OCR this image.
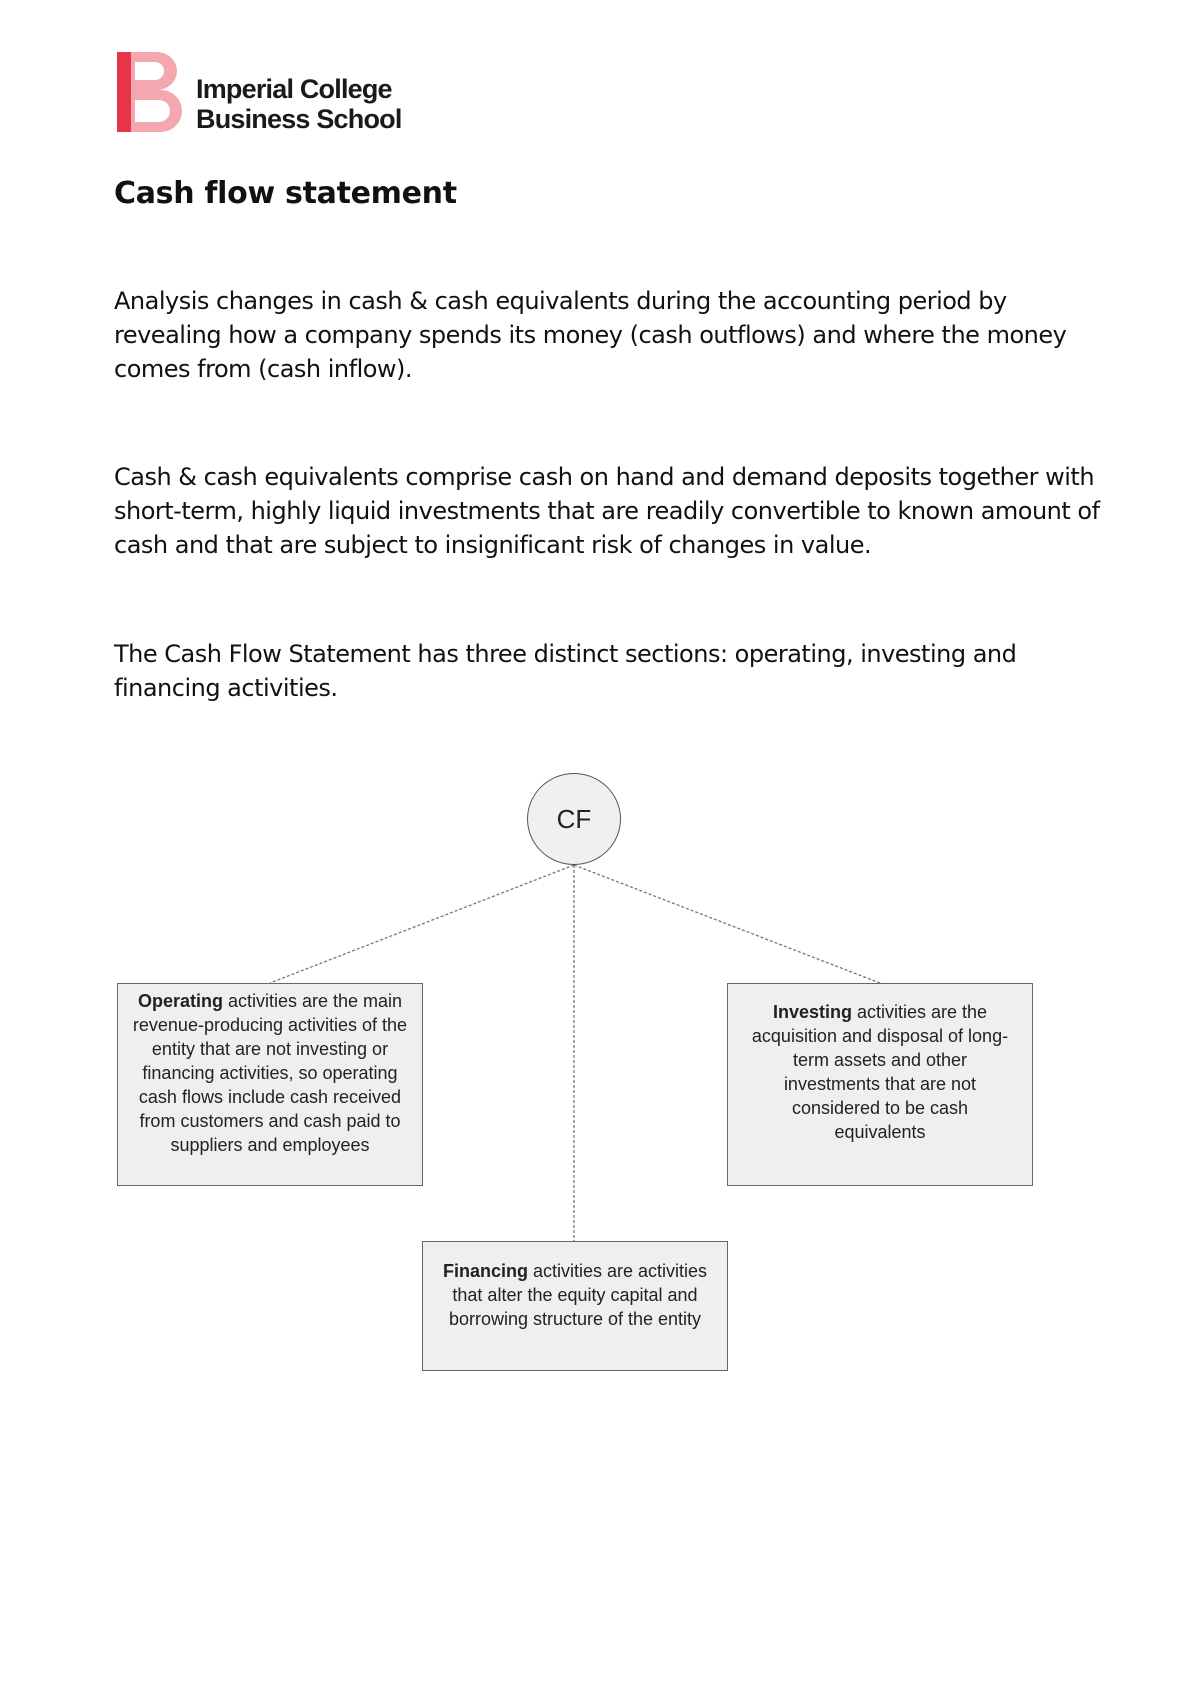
Imperial College
Business School
Cash flow statement

Analysis changes in cash & cash equivalents during the accounting period by revealing how a company spends its money (cash outflows) and where the money comes from (cash inflow).

Cash & cash equivalents comprise cash on hand and demand deposits together with short-term, highly liquid investments that are readily convertible to known amount of cash and that are subject to insignificant risk of changes in value.

The Cash Flow Statement has three distinct sections: operating, investing and financing activities.

CF
Operating activities are the main revenue-producing activities of the entity that are not investing or financing activities, so operating cash flows include cash received from customers and cash paid to suppliers and employees
Investing activities are the acquisition and disposal of long-term assets and other investments that are not considered to be cash equivalents
Financing activities are activities that alter the equity capital and borrowing structure of the entity
